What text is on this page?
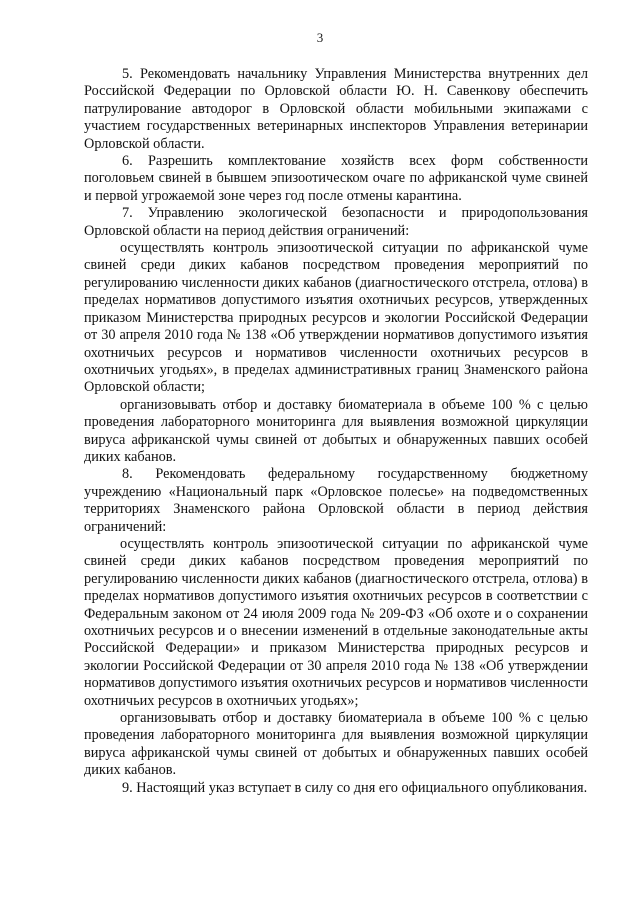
3

5. Рекомендовать начальнику Управления Министерства внутренних дел Российской Федерации по Орловской области Ю. Н. Савенкову обеспечить патрулирование автодорог в Орловской области мобильными экипажами с участием государственных ветеринарных инспекторов Управления ветеринарии Орловской области.

6. Разрешить комплектование хозяйств всех форм собственности поголовьем свиней в бывшем эпизоотическом очаге по африканской чуме свиней и первой угрожаемой зоне через год после отмены карантина.

7. Управлению экологической безопасности и природопользования Орловской области на период действия ограничений:

осуществлять контроль эпизоотической ситуации по африканской чуме свиней среди диких кабанов посредством проведения мероприятий по регулированию численности диких кабанов (диагностического отстрела, отлова) в пределах нормативов допустимого изъятия охотничьих ресурсов, утвержденных приказом Министерства природных ресурсов и экологии Российской Федерации от 30 апреля 2010 года № 138 «Об утверждении нормативов допустимого изъятия охотничьих ресурсов и нормативов численности охотничьих ресурсов в охотничьих угодьях», в пределах административных границ Знаменского района Орловской области;

организовывать отбор и доставку биоматериала в объеме 100 % с целью проведения лабораторного мониторинга для выявления возможной циркуляции вируса африканской чумы свиней от добытых и обнаруженных павших особей диких кабанов.

8. Рекомендовать федеральному государственному бюджетному учреждению «Национальный парк «Орловское полесье» на подведомственных территориях Знаменского района Орловской области в период действия ограничений:

осуществлять контроль эпизоотической ситуации по африканской чуме свиней среди диких кабанов посредством проведения мероприятий по регулированию численности диких кабанов (диагностического отстрела, отлова) в пределах нормативов допустимого изъятия охотничьих ресурсов в соответствии с Федеральным законом от 24 июля 2009 года № 209-ФЗ «Об охоте и о сохранении охотничьих ресурсов и о внесении изменений в отдельные законодательные акты Российской Федерации» и приказом Министерства природных ресурсов и экологии Российской Федерации от 30 апреля 2010 года № 138 «Об утверждении нормативов допустимого изъятия охотничьих ресурсов и нормативов численности охотничьих ресурсов в охотничьих угодьях»;

организовывать отбор и доставку биоматериала в объеме 100 % с целью проведения лабораторного мониторинга для выявления возможной циркуляции вируса африканской чумы свиней от добытых и обнаруженных павших особей диких кабанов.

9. Настоящий указ вступает в силу со дня его официального опубликования.
